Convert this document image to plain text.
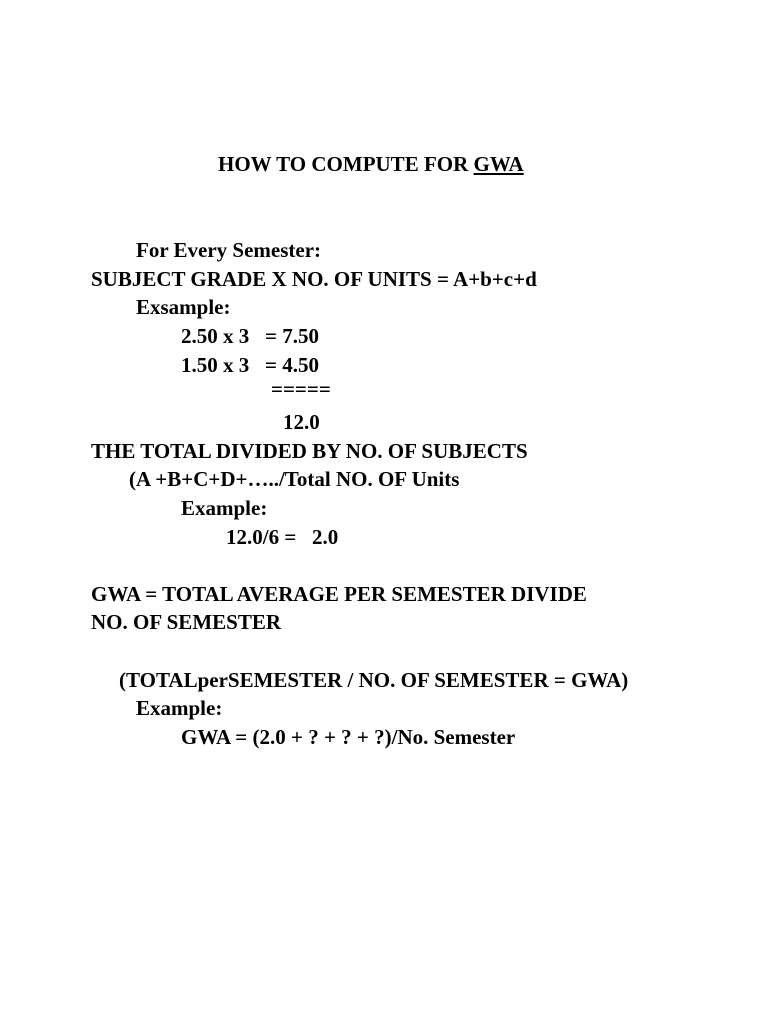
HOW TO COMPUTE FOR GWA
For Every Semester:
SUBJECT GRADE X NO. OF UNITS = A+b+c+d
Exsample:
2.50 x 3   = 7.50
1.50 x 3   = 4.50
=====
12.0
THE TOTAL DIVIDED BY NO. OF SUBJECTS
(A +B+C+D+…../Total NO. OF Units
Example:
12.0/6 =   2.0
GWA = TOTAL AVERAGE PER SEMESTER DIVIDE
NO. OF SEMESTER
(TOTALperSEMESTER / NO. OF SEMESTER = GWA)
Example:
GWA = (2.0 + ? + ? + ?)/No. Semester
